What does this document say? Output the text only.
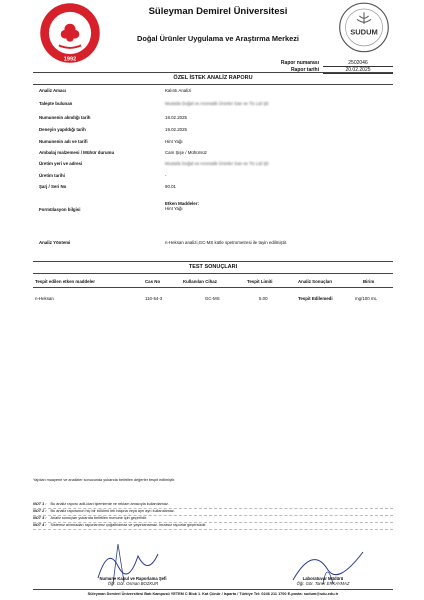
1992
Süleyman Demirel Üniversitesi
Doğal Ürünler Uygulama ve Araştırma Merkezi
SUDUM
Rapor numarası	2502046
Rapor tarihi	20.02.2025
ÖZEL İSTEK ANALİZ RAPORU
Analiz Amacı	Kalıntı Analizi
Talepte bulunan	Mustafa Doğal ve Aromatik Ürünler San ve Tic Ltd Şti
Numunenin alındığı tarih	18.02.2025
Deneyin yapıldığı tarih	19.02.2025
Numunenin adı ve tarifi	Hint Yağı
Ambalaj malzemesi / Mühür durumu	Cam Şişe / Mühürsüz
Üretim yeri ve adresi	Mustafa Doğal ve Aromatik Ürünler San ve Tic Ltd Şti
Üretim tarihi	-
Şarj / Seri No	90.01
Formülasyon bilgisi
Etken Maddeler:
Hint Yağı
Analiz Yöntemi	n-Heksan analizi,GC-MS kütle spetrometresi ile tayin edilmiştir.
TEST SONUÇLARI
Tespit edilen etken maddeler	Cas No	Kullanılan Cihaz	Tespit Limiti	Analiz Sonuçları	Birim
n-Heksan	110-54-3	GC-MS	5.00	Tespit Edilemedi	mg/100 mL
Yapılan muayene ve analizler sonucunda yukarıda belirtilen değerler tespit edilmiştir.
NOT 1 : Bu analiz raporu adli-idari işlemlerde ve reklam amacıyla kullanılamaz.
NOT 2 : Bu analiz raporunun hiç bir bölümü tek başına veya ayrı ayrı kullanılamaz.
NOT 3 : Analiz sonuçları yukarıda belirtilen numune için geçerlidir.
NOT 4 : Sistemiz alınmadan raporlarımız çoğaltılamaz ve yayınlanamaz. İmzasız raporlar geçersizdir.
Numune Kabul ve Raporlama Şefi
Öğr. Gör. Osman BOZKUR
Laboratuvar Müdürü
Öğr. Gör. Taner ERKAYMAZ
Süleyman Demirel Üniversitesi Batı Kampusü YETEM C Blok 1. Kat Çünür / Isparta / Türkiye Tel: 0246 211 1700 E-posta: sudum@sdu.edu.tr
